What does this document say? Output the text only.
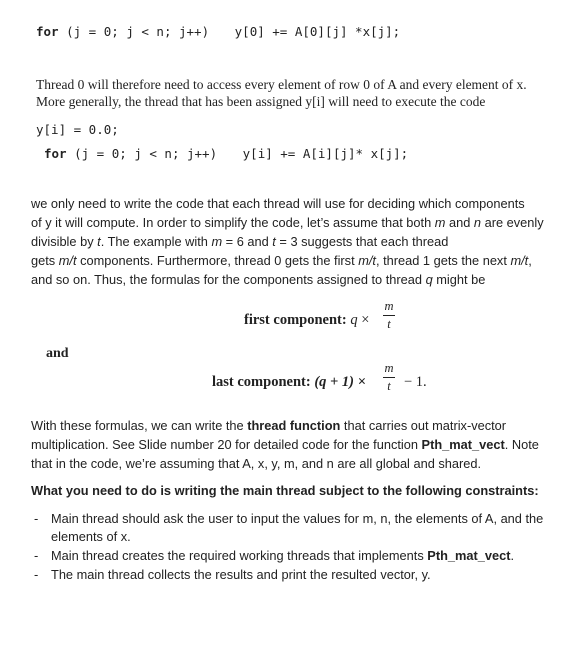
for (j = 0; j < n; j++) y[0] += A[0][j] *x[j];
Thread 0 will therefore need to access every element of row 0 of A and every element of x.
More generally, the thread that has been assigned y[i] will need to execute the code
y[i] = 0.0;
for (j = 0; j < n; j++) y[i] += A[i][j]* x[j];
we only need to write the code that each thread will use for deciding which components
of y it will compute. In order to simplify the code, let’s assume that both m and n are evenly
divisible by t. The example with m = 6 and t = 3 suggests that each thread
gets m/t components. Furthermore, thread 0 gets the first m/t, thread 1 gets the next m/t,
and so on. Thus, the formulas for the components assigned to thread q might be
first component: q ×
m
t
and
last component: (q + 1) ×
m
t − 1.
With these formulas, we can write the thread function that carries out matrix-vector
multiplication. See Slide number 20 for detailed code for the function Pth_mat_vect. Note
that in the code, we’re assuming that A, x, y, m, and n are all global and shared.
What you need to do is writing the main thread subject to the following constraints:
- Main thread should ask the user to input the values for m, n, the elements of A, and the
elements of x.
- Main thread creates the required working threads that implements Pth_mat_vect.
- The main thread collects the results and print the resulted vector, y.
